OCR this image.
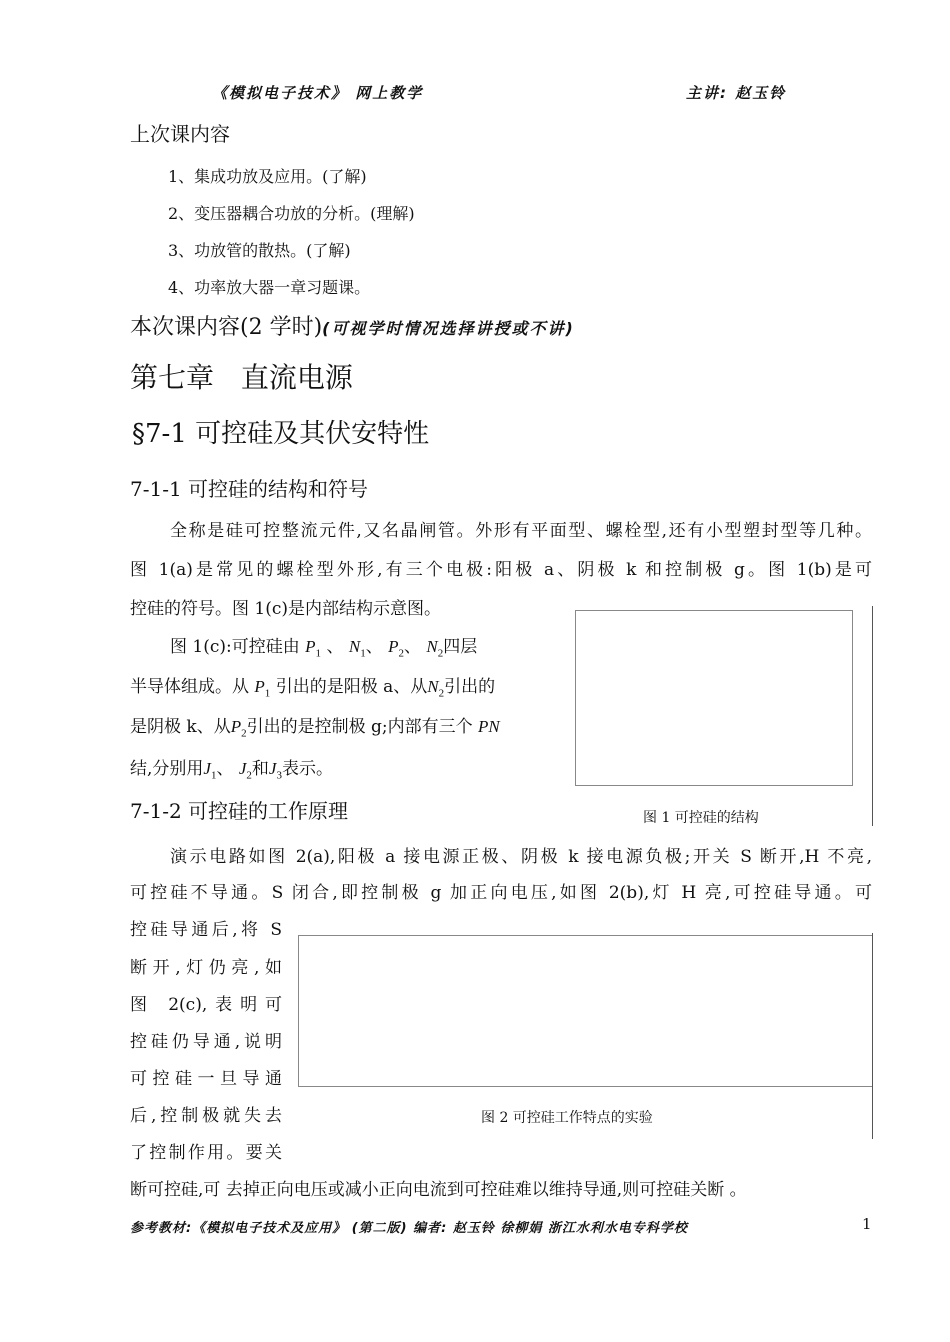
《模拟电子技术》 网上教学	主讲: 赵玉铃
上次课内容
1、集成功放及应用。(了解)
2、变压器耦合功放的分析。(理解)
3、功放管的散热。(了解)
4、功率放大器一章习题课。
本次课内容(2 学时)(可视学时情况选择讲授或不讲)
第七章 直流电源
§7-1 可控硅及其伏安特性
7-1-1 可控硅的结构和符号
全称是硅可控整流元件,又名晶闸管。外形有平面型、螺栓型,还有小型塑封型等几种。
图 1(a)是常见的螺栓型外形,有三个电极:阳极 a、阴极 k 和控制极 g。图 1(b)是可
控硅的符号。图 1(c)是内部结构示意图。
图 1(c):可控硅由 $P_1$ 、 $N_1$、 $P_2$、 $N_2$四层
半导体组成。从 $P_1$ 引出的是阳极 a、从$N_2$引出的
是阴极 k、从$P_2$引出的是控制极 g;内部有三个 PN
结,分别用$J_1$、 $J_2$和$J_3$表示。
图 1 可控硅的结构
7-1-2 可控硅的工作原理
演示电路如图 2(a),阳极 a 接电源正极、阴极 k 接电源负极;开关 S 断开,H 不亮,
可控硅不导通。S 闭合,即控制极 g 加正向电压,如图 2(b),灯 H 亮,可控硅导通。可
控硅导通后,将 S
断开,灯仍亮,如
图 2(c),表明可
控硅仍导通,说明
可控硅一旦导通
后,控制极就失去
了控制作用。要关
图 2 可控硅工作特点的实验
断可控硅,可 去掉正向电压或减小正向电流到可控硅难以维持导通,则可控硅关断 。
参考教材:《模拟电子技术及应用》 (第二版) 编者: 赵玉铃 徐柳娟 浙江水利水电专科学校	1
